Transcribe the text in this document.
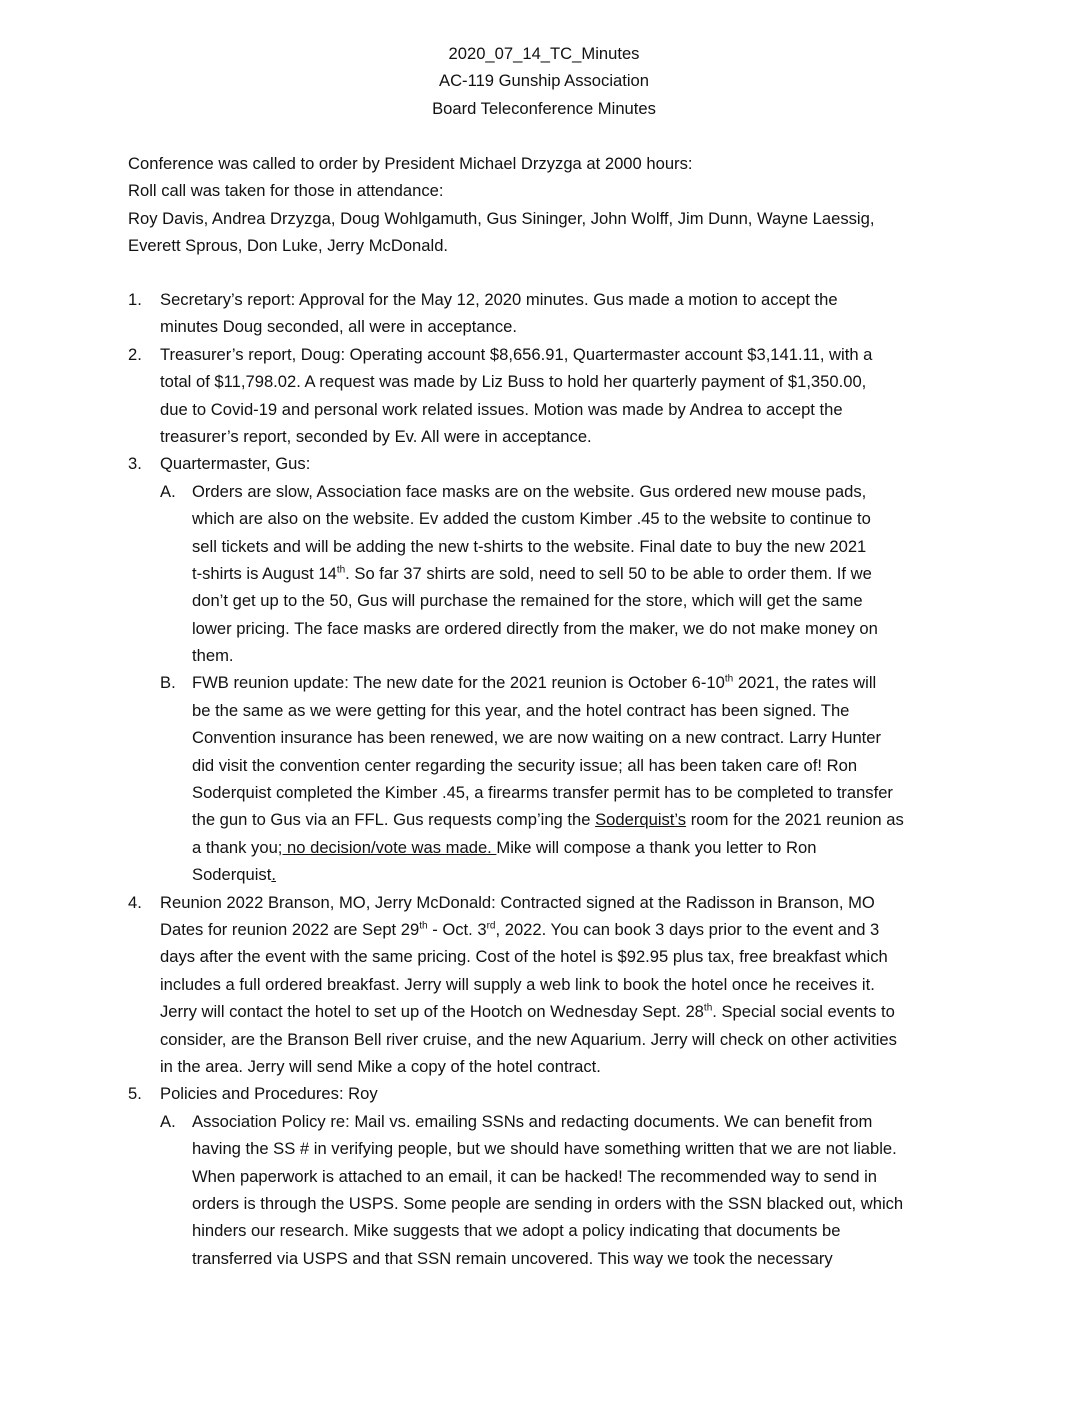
2020_07_14_TC_Minutes
AC-119 Gunship Association
Board Teleconference Minutes
Conference was called to order by President Michael Drzyzga at 2000 hours:
Roll call was taken for those in attendance:
Roy Davis, Andrea Drzyzga, Doug Wohlgamuth, Gus Sininger, John Wolff, Jim Dunn, Wayne Laessig,
Everett Sprous, Don Luke, Jerry McDonald.
1. Secretary’s report: Approval for the May 12, 2020 minutes. Gus made a motion to accept the
minutes Doug seconded, all were in acceptance.
2. Treasurer’s report, Doug: Operating account $8,656.91, Quartermaster account $3,141.11, with a
total of $11,798.02. A request was made by Liz Buss to hold her quarterly payment of $1,350.00,
due to Covid-19 and personal work related issues. Motion was made by Andrea to accept the
treasurer’s report, seconded by Ev. All were in acceptance.
3. Quartermaster, Gus:
A. Orders are slow, Association face masks are on the website. Gus ordered new mouse pads,
which are also on the website. Ev added the custom Kimber .45 to the website to continue to
sell tickets and will be adding the new t-shirts to the website. Final date to buy the new 2021
t-shirts is August 14th. So far 37 shirts are sold, need to sell 50 to be able to order them. If we
don’t get up to the 50, Gus will purchase the remained for the store, which will get the same
lower pricing. The face masks are ordered directly from the maker, we do not make money on
them.
B. FWB reunion update: The new date for the 2021 reunion is October 6-10th 2021, the rates will
be the same as we were getting for this year, and the hotel contract has been signed. The
Convention insurance has been renewed, we are now waiting on a new contract. Larry Hunter
did visit the convention center regarding the security issue; all has been taken care of! Ron
Soderquist completed the Kimber .45, a firearms transfer permit has to be completed to transfer
the gun to Gus via an FFL. Gus requests comp’ing the Soderquist’s room for the 2021 reunion as
a thank you; no decision/vote was made. Mike will compose a thank you letter to Ron
Soderquist.
4. Reunion 2022 Branson, MO, Jerry McDonald: Contracted signed at the Radisson in Branson, MO
Dates for reunion 2022 are Sept 29th - Oct. 3rd, 2022. You can book 3 days prior to the event and 3
days after the event with the same pricing. Cost of the hotel is $92.95 plus tax, free breakfast which
includes a full ordered breakfast. Jerry will supply a web link to book the hotel once he receives it.
Jerry will contact the hotel to set up of the Hootch on Wednesday Sept. 28th. Special social events to
consider, are the Branson Bell river cruise, and the new Aquarium. Jerry will check on other activities
in the area. Jerry will send Mike a copy of the hotel contract.
5. Policies and Procedures: Roy
A. Association Policy re: Mail vs. emailing SSNs and redacting documents. We can benefit from
having the SS # in verifying people, but we should have something written that we are not liable.
When paperwork is attached to an email, it can be hacked! The recommended way to send in
orders is through the USPS. Some people are sending in orders with the SSN blacked out, which
hinders our research. Mike suggests that we adopt a policy indicating that documents be
transferred via USPS and that SSN remain uncovered. This way we took the necessary
